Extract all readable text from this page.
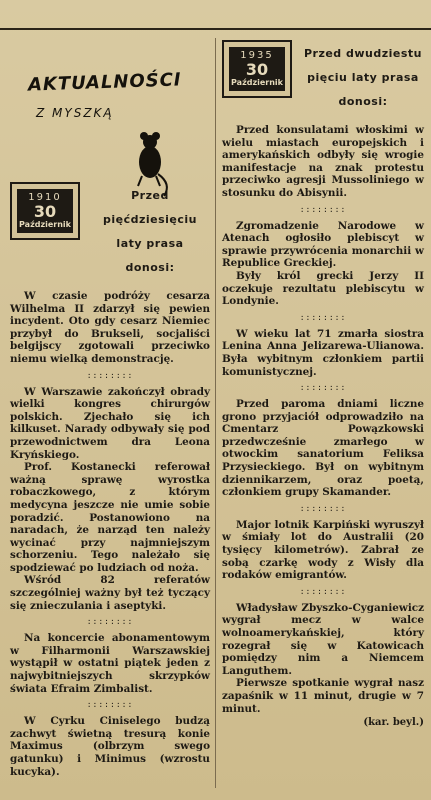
AKTUALNOŚCI
Z MYSZKĄ
1910
30
Październik
Przed pięćdziesięciu laty prasa donosi:

W czasie podróży cesarza Wilhelma II zdarzył się pewien incydent. Oto gdy cesarz Niemiec przybył do Brukseli, socjaliści belgijscy zgotowali przeciwko niemu wielką demonstrację.

::::::::

W Warszawie zakończył obrady wielki kongres chirurgów polskich. Zjechało się ich kilkuset. Narady odbywały się pod przewodnictwem dra Leona Kryńskiego.

Prof. Kostanecki referował ważną sprawę wyrostka robaczkowego, z którym medycyna jeszcze nie umie sobie poradzić. Postanowiono na naradach, że narząd ten należy wycinać przy najmniejszym schorzeniu. Tego należało się spodziewać po ludziach od noża.

Wśród 82 referatów szczególniej ważny był też tyczący się znieczulania i aseptyki.

::::::::

Na koncercie abonamentowym w Filharmonii Warszawskiej wystąpił w ostatni piątek jeden z najwybitniejszych skrzypków świata Efraim Zimbalist.

::::::::

W Cyrku Ciniselego budzą zachwyt świetną tresurą konie Maximus (olbrzym swego gatunku) i Minimus (wzrostu kucyka).

1935
30
Październik
Przed dwudziestu pięciu laty prasa donosi:

Przed konsulatami włoskimi w wielu miastach europejskich i amerykańskich odbyły się wrogie manifestacje na znak protestu przeciwko agresji Mussoliniego w stosunku do Abisynii.

::::::::

Zgromadzenie Narodowe w Atenach ogłosiło plebiscyt w sprawie przywrócenia monarchii w Republice Greckiej.

Były król grecki Jerzy II oczekuje rezultatu plebiscytu w Londynie.

::::::::

W wieku lat 71 zmarła siostra Lenina Anna Jelizarewa-Ulianowa. Była wybitnym członkiem partii komunistycznej.

::::::::

Przed paroma dniami liczne grono przyjaciół odprowadziło na Cmentarz Powązkowski przedwcześnie zmarłego w otwockim sanatorium Feliksa Przysieckiego. Był on wybitnym dziennikarzem, oraz poetą, członkiem grupy Skamander.

::::::::

Major lotnik Karpiński wyruszył w śmiały lot do Australii (20 tysięcy kilometrów). Zabrał ze sobą czarkę wody z Wisły dla rodaków emigrantów.

::::::::

Władysław Zbyszko-Cyganiewicz wygrał mecz w walce wolnoamerykańskiej, który rozegrał się w Katowicach pomiędzy nim a Niemcem Languthem.

Pierwsze spotkanie wygrał nasz zapaśnik w 11 minut, drugie w 7 minut.

(kar. beyl.)
